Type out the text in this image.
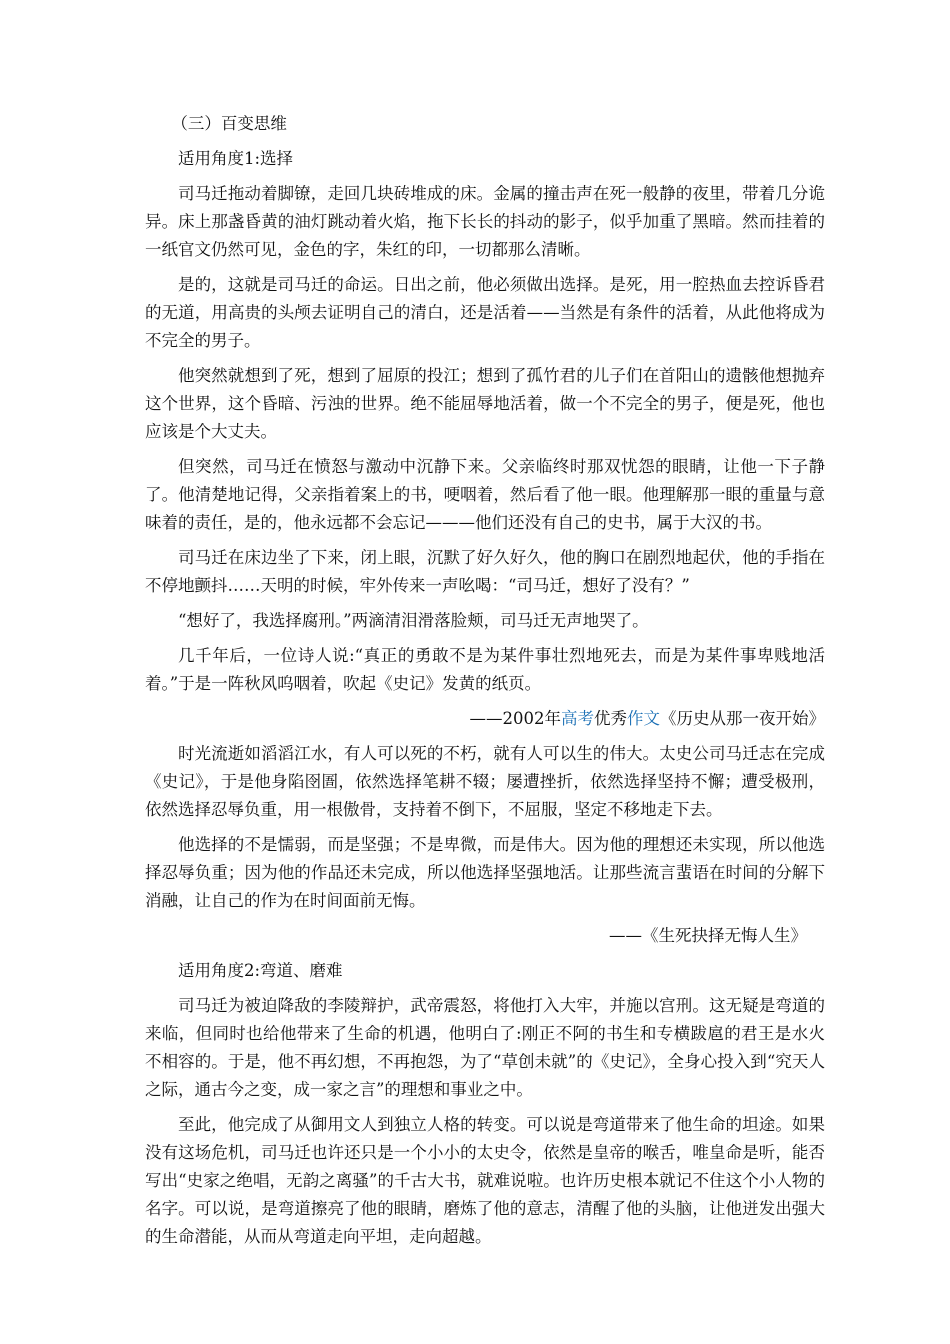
（三）百变思维
适用角度1:选择

司马迁拖动着脚镣，走回几块砖堆成的床。金属的撞击声在死一般静的夜里，带着几分诡异。床上那盏昏黄的油灯跳动着火焰，拖下长长的抖动的影子，似乎加重了黑暗。然而挂着的一纸官文仍然可见，金色的字，朱红的印，一切都那么清晰。

是的，这就是司马迁的命运。日出之前，他必须做出选择。是死，用一腔热血去控诉昏君的无道，用高贵的头颅去证明自己的清白，还是活着——当然是有条件的活着，从此他将成为不完全的男子。

他突然就想到了死，想到了屈原的投江；想到了孤竹君的儿子们在首阳山的遗骸他想抛弃这个世界，这个昏暗、污浊的世界。绝不能屈辱地活着，做一个不完全的男子，便是死，他也应该是个大丈夫。

但突然，司马迁在愤怒与激动中沉静下来。父亲临终时那双忧怨的眼睛，让他一下子静了。他清楚地记得，父亲指着案上的书，哽咽着，然后看了他一眼。他理解那一眼的重量与意味着的责任，是的，他永远都不会忘记———他们还没有自己的史书，属于大汉的书。

司马迁在床边坐了下来，闭上眼，沉默了好久好久，他的胸口在剧烈地起伏，他的手指在不停地颤抖……天明的时候，牢外传来一声吆喝：“司马迁，想好了没有？”

“想好了，我选择腐刑。”两滴清泪滑落脸颊，司马迁无声地哭了。

几千年后，一位诗人说:“真正的勇敢不是为某件事壮烈地死去，而是为某件事卑贱地活着。”于是一阵秋风呜咽着，吹起《史记》发黄的纸页。

——2002年高考优秀作文《历史从那一夜开始》

时光流逝如滔滔江水，有人可以死的不朽，就有人可以生的伟大。太史公司马迁志在完成《史记》，于是他身陷囹圄，依然选择笔耕不辍；屡遭挫折，依然选择坚持不懈；遭受极刑，依然选择忍辱负重，用一根傲骨，支持着不倒下，不屈服，坚定不移地走下去。

他选择的不是懦弱，而是坚强；不是卑微，而是伟大。因为他的理想还未实现，所以他选择忍辱负重；因为他的作品还未完成，所以他选择坚强地活。让那些流言蜚语在时间的分解下消融，让自己的作为在时间面前无悔。

——《生死抉择无悔人生》
适用角度2:弯道、磨难

司马迁为被迫降敌的李陵辩护，武帝震怒，将他打入大牢，并施以宫刑。这无疑是弯道的来临，但同时也给他带来了生命的机遇，他明白了:刚正不阿的书生和专横跋扈的君王是水火不相容的。于是，他不再幻想，不再抱怨，为了“草创未就”的《史记》，全身心投入到“究天人之际，通古今之变，成一家之言”的理想和事业之中。

至此，他完成了从御用文人到独立人格的转变。可以说是弯道带来了他生命的坦途。如果没有这场危机，司马迁也许还只是一个小小的太史令，依然是皇帝的喉舌，唯皇命是听，能否写出“史家之绝唱，无韵之离骚”的千古大书，就难说啦。也许历史根本就记不住这个小人物的名字。可以说，是弯道擦亮了他的眼睛，磨炼了他的意志，清醒了他的头脑，让他迸发出强大的生命潜能，从而从弯道走向平坦，走向超越。
